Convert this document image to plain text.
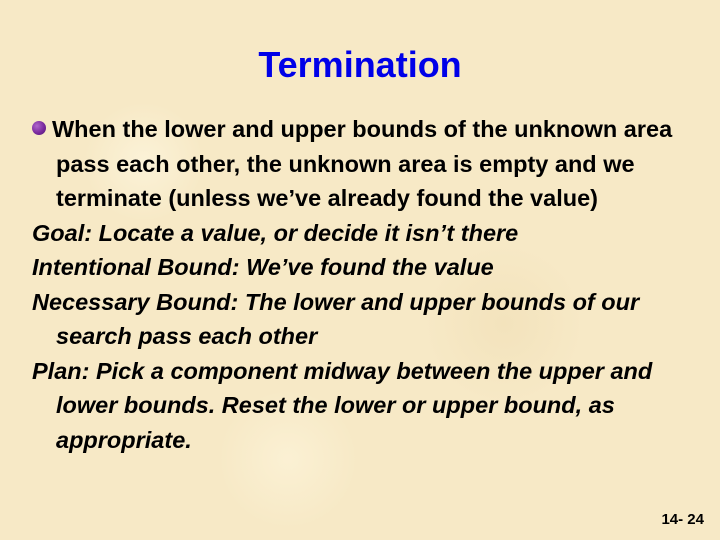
Termination

When the lower and upper bounds of the unknown area pass each other, the unknown area is empty and we terminate (unless we’ve already found the value)

Goal: Locate a value, or decide it isn’t there

Intentional Bound: We’ve found the value

Necessary Bound: The lower and upper bounds of our search pass each other

Plan: Pick a component midway between the upper and lower bounds. Reset the lower or upper bound, as appropriate.

14- 24
